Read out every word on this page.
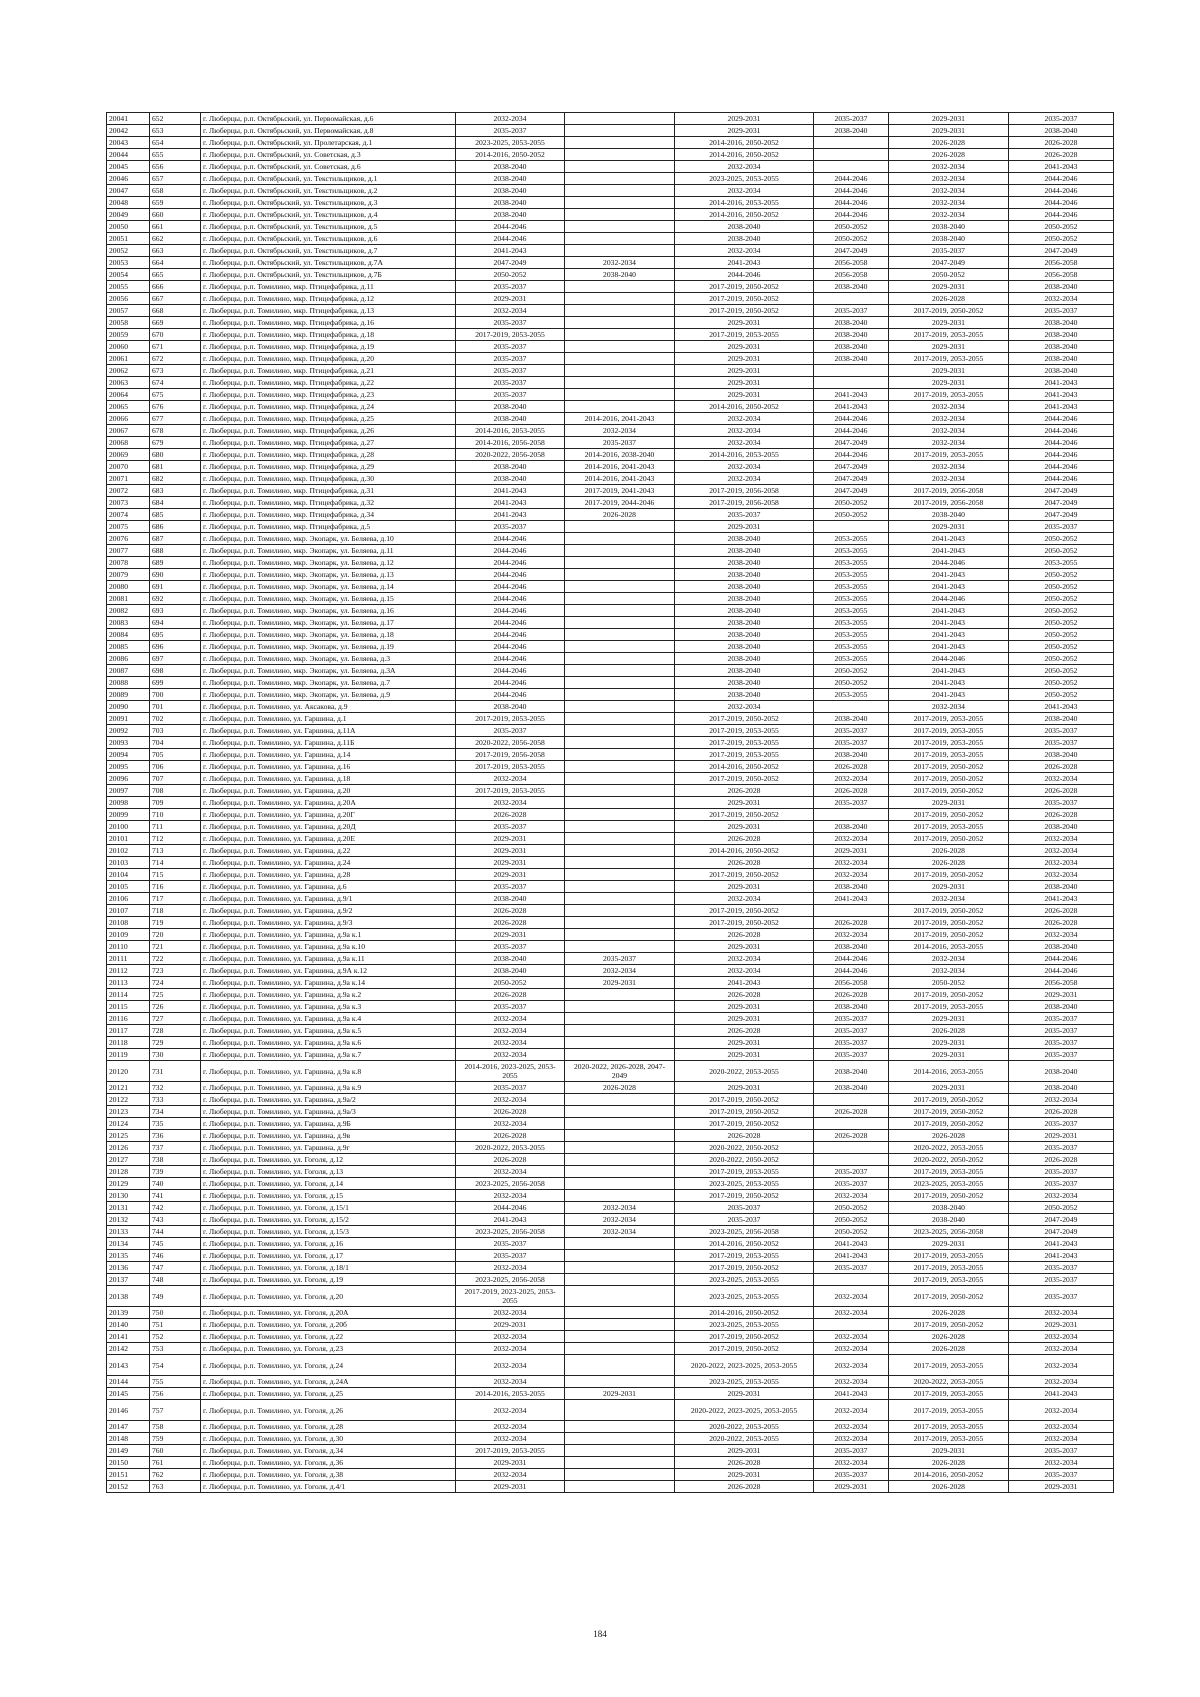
20041	652	г. Люберцы, р.п. Октябрьский, ул. Первомайская, д.6	2032-2034		2029-2031	2035-2037	2029-2031	2035-2037
20042	653	г. Люберцы, р.п. Октябрьский, ул. Первомайская, д.8	2035-2037		2029-2031	2038-2040	2029-2031	2038-2040
20043	654	г. Люберцы, р.п. Октябрьский, ул. Пролетарская, д.1	2023-2025, 2053-2055		2014-2016, 2050-2052		2026-2028	2026-2028
20044	655	г. Люберцы, р.п. Октябрьский, ул. Советская, д.3	2014-2016, 2050-2052		2014-2016, 2050-2052		2026-2028	2026-2028
20045	656	г. Люберцы, р.п. Октябрьский, ул. Советская, д.6	2038-2040		2032-2034		2032-2034	2041-2043
20046	657	г. Люберцы, р.п. Октябрьский, ул. Текстильщиков, д.1	2038-2040		2023-2025, 2053-2055	2044-2046	2032-2034	2044-2046
20047	658	г. Люберцы, р.п. Октябрьский, ул. Текстильщиков, д.2	2038-2040		2032-2034	2044-2046	2032-2034	2044-2046
20048	659	г. Люберцы, р.п. Октябрьский, ул. Текстильщиков, д.3	2038-2040		2014-2016, 2053-2055	2044-2046	2032-2034	2044-2046
20049	660	г. Люберцы, р.п. Октябрьский, ул. Текстильщиков, д.4	2038-2040		2014-2016, 2050-2052	2044-2046	2032-2034	2044-2046
20050	661	г. Люберцы, р.п. Октябрьский, ул. Текстильщиков, д.5	2044-2046		2038-2040	2050-2052	2038-2040	2050-2052
20051	662	г. Люберцы, р.п. Октябрьский, ул. Текстильщиков, д.6	2044-2046		2038-2040	2050-2052	2038-2040	2050-2052
20052	663	г. Люберцы, р.п. Октябрьский, ул. Текстильщиков, д.7	2041-2043		2032-2034	2047-2049	2035-2037	2047-2049
20053	664	г. Люберцы, р.п. Октябрьский, ул. Текстильщиков, д.7А	2047-2049	2032-2034	2041-2043	2056-2058	2047-2049	2056-2058
20054	665	г. Люберцы, р.п. Октябрьский, ул. Текстильщиков, д.7Б	2050-2052	2038-2040	2044-2046	2056-2058	2050-2052	2056-2058
20055	666	г. Люберцы, р.п. Томилино, мкр. Птицефабрика, д.11	2035-2037		2017-2019, 2050-2052	2038-2040	2029-2031	2038-2040
20056	667	г. Люберцы, р.п. Томилино, мкр. Птицефабрика, д.12	2029-2031		2017-2019, 2050-2052		2026-2028	2032-2034
20057	668	г. Люберцы, р.п. Томилино, мкр. Птицефабрика, д.13	2032-2034		2017-2019, 2050-2052	2035-2037	2017-2019, 2050-2052	2035-2037
20058	669	г. Люберцы, р.п. Томилино, мкр. Птицефабрика, д.16	2035-2037		2029-2031	2038-2040	2029-2031	2038-2040
20059	670	г. Люберцы, р.п. Томилино, мкр. Птицефабрика, д.18	2017-2019, 2053-2055		2017-2019, 2053-2055	2038-2040	2017-2019, 2053-2055	2038-2040
20060	671	г. Люберцы, р.п. Томилино, мкр. Птицефабрика, д.19	2035-2037		2029-2031	2038-2040	2029-2031	2038-2040
20061	672	г. Люберцы, р.п. Томилино, мкр. Птицефабрика, д.20	2035-2037		2029-2031	2038-2040	2017-2019, 2053-2055	2038-2040
20062	673	г. Люберцы, р.п. Томилино, мкр. Птицефабрика, д.21	2035-2037		2029-2031		2029-2031	2038-2040
20063	674	г. Люберцы, р.п. Томилино, мкр. Птицефабрика, д.22	2035-2037		2029-2031		2029-2031	2041-2043
20064	675	г. Люберцы, р.п. Томилино, мкр. Птицефабрика, д.23	2035-2037		2029-2031	2041-2043	2017-2019, 2053-2055	2041-2043
20065	676	г. Люберцы, р.п. Томилино, мкр. Птицефабрика, д.24	2038-2040		2014-2016, 2050-2052	2041-2043	2032-2034	2041-2043
20066	677	г. Люберцы, р.п. Томилино, мкр. Птицефабрика, д.25	2038-2040	2014-2016, 2041-2043	2032-2034	2044-2046	2032-2034	2044-2046
20067	678	г. Люберцы, р.п. Томилино, мкр. Птицефабрика, д.26	2014-2016, 2053-2055	2032-2034	2032-2034	2044-2046	2032-2034	2044-2046
20068	679	г. Люберцы, р.п. Томилино, мкр. Птицефабрика, д.27	2014-2016, 2056-2058	2035-2037	2032-2034	2047-2049	2032-2034	2044-2046
20069	680	г. Люберцы, р.п. Томилино, мкр. Птицефабрика, д.28	2020-2022, 2056-2058	2014-2016, 2038-2040	2014-2016, 2053-2055	2044-2046	2017-2019, 2053-2055	2044-2046
20070	681	г. Люберцы, р.п. Томилино, мкр. Птицефабрика, д.29	2038-2040	2014-2016, 2041-2043	2032-2034	2047-2049	2032-2034	2044-2046
20071	682	г. Люберцы, р.п. Томилино, мкр. Птицефабрика, д.30	2038-2040	2014-2016, 2041-2043	2032-2034	2047-2049	2032-2034	2044-2046
20072	683	г. Люберцы, р.п. Томилино, мкр. Птицефабрика, д.31	2041-2043	2017-2019, 2041-2043	2017-2019, 2056-2058	2047-2049	2017-2019, 2056-2058	2047-2049
20073	684	г. Люберцы, р.п. Томилино, мкр. Птицефабрика, д.32	2041-2043	2017-2019, 2044-2046	2017-2019, 2056-2058	2050-2052	2017-2019, 2056-2058	2047-2049
20074	685	г. Люберцы, р.п. Томилино, мкр. Птицефабрика, д.34	2041-2043	2026-2028	2035-2037	2050-2052	2038-2040	2047-2049
20075	686	г. Люберцы, р.п. Томилино, мкр. Птицефабрика, д.5	2035-2037		2029-2031		2029-2031	2035-2037
20076	687	г. Люберцы, р.п. Томилино, мкр. Экопарк, ул. Беляева, д.10	2044-2046		2038-2040	2053-2055	2041-2043	2050-2052
20077	688	г. Люберцы, р.п. Томилино, мкр. Экопарк, ул. Беляева, д.11	2044-2046		2038-2040	2053-2055	2041-2043	2050-2052
20078	689	г. Люберцы, р.п. Томилино, мкр. Экопарк, ул. Беляева, д.12	2044-2046		2038-2040	2053-2055	2044-2046	2053-2055
20079	690	г. Люберцы, р.п. Томилино, мкр. Экопарк, ул. Беляева, д.13	2044-2046		2038-2040	2053-2055	2041-2043	2050-2052
20080	691	г. Люберцы, р.п. Томилино, мкр. Экопарк, ул. Беляева, д.14	2044-2046		2038-2040	2053-2055	2041-2043	2050-2052
20081	692	г. Люберцы, р.п. Томилино, мкр. Экопарк, ул. Беляева, д.15	2044-2046		2038-2040	2053-2055	2044-2046	2050-2052
20082	693	г. Люберцы, р.п. Томилино, мкр. Экопарк, ул. Беляева, д.16	2044-2046		2038-2040	2053-2055	2041-2043	2050-2052
20083	694	г. Люберцы, р.п. Томилино, мкр. Экопарк, ул. Беляева, д.17	2044-2046		2038-2040	2053-2055	2041-2043	2050-2052
20084	695	г. Люберцы, р.п. Томилино, мкр. Экопарк, ул. Беляева, д.18	2044-2046		2038-2040	2053-2055	2041-2043	2050-2052
20085	696	г. Люберцы, р.п. Томилино, мкр. Экопарк, ул. Беляева, д.19	2044-2046		2038-2040	2053-2055	2041-2043	2050-2052
20086	697	г. Люберцы, р.п. Томилино, мкр. Экопарк, ул. Беляева, д.3	2044-2046		2038-2040	2053-2055	2044-2046	2050-2052
20087	698	г. Люберцы, р.п. Томилино, мкр. Экопарк, ул. Беляева, д.3А	2044-2046		2038-2040	2050-2052	2041-2043	2050-2052
20088	699	г. Люберцы, р.п. Томилино, мкр. Экопарк, ул. Беляева, д.7	2044-2046		2038-2040	2050-2052	2041-2043	2050-2052
20089	700	г. Люберцы, р.п. Томилино, мкр. Экопарк, ул. Беляева, д.9	2044-2046		2038-2040	2053-2055	2041-2043	2050-2052
20090	701	г. Люберцы, р.п. Томилино, ул. Аксакова, д.9	2038-2040		2032-2034		2032-2034	2041-2043
20091	702	г. Люберцы, р.п. Томилино, ул. Гаршина, д.1	2017-2019, 2053-2055		2017-2019, 2050-2052	2038-2040	2017-2019, 2053-2055	2038-2040
20092	703	г. Люберцы, р.п. Томилино, ул. Гаршина, д.11А	2035-2037		2017-2019, 2053-2055	2035-2037	2017-2019, 2053-2055	2035-2037
20093	704	г. Люберцы, р.п. Томилино, ул. Гаршина, д.11Б	2020-2022, 2056-2058		2017-2019, 2053-2055	2035-2037	2017-2019, 2053-2055	2035-2037
20094	705	г. Люберцы, р.п. Томилино, ул. Гаршина, д.14	2017-2019, 2056-2058		2017-2019, 2053-2055	2038-2040	2017-2019, 2053-2055	2038-2040
20095	706	г. Люберцы, р.п. Томилино, ул. Гаршина, д.16	2017-2019, 2053-2055		2014-2016, 2050-2052	2026-2028	2017-2019, 2050-2052	2026-2028
20096	707	г. Люберцы, р.п. Томилино, ул. Гаршина, д.18	2032-2034		2017-2019, 2050-2052	2032-2034	2017-2019, 2050-2052	2032-2034
20097	708	г. Люберцы, р.п. Томилино, ул. Гаршина, д.20	2017-2019, 2053-2055		2026-2028	2026-2028	2017-2019, 2050-2052	2026-2028
20098	709	г. Люберцы, р.п. Томилино, ул. Гаршина, д.20А	2032-2034		2029-2031	2035-2037	2029-2031	2035-2037
20099	710	г. Люберцы, р.п. Томилино, ул. Гаршина, д.20Г	2026-2028		2017-2019, 2050-2052		2017-2019, 2050-2052	2026-2028
20100	711	г. Люберцы, р.п. Томилино, ул. Гаршина, д.20Д	2035-2037		2029-2031	2038-2040	2017-2019, 2053-2055	2038-2040
20101	712	г. Люберцы, р.п. Томилино, ул. Гаршина, д.20Е	2029-2031		2026-2028	2032-2034	2017-2019, 2050-2052	2032-2034
20102	713	г. Люберцы, р.п. Томилино, ул. Гаршина, д.22	2029-2031		2014-2016, 2050-2052	2029-2031	2026-2028	2032-2034
20103	714	г. Люберцы, р.п. Томилино, ул. Гаршина, д.24	2029-2031		2026-2028	2032-2034	2026-2028	2032-2034
20104	715	г. Люберцы, р.п. Томилино, ул. Гаршина, д.28	2029-2031		2017-2019, 2050-2052	2032-2034	2017-2019, 2050-2052	2032-2034
20105	716	г. Люберцы, р.п. Томилино, ул. Гаршина, д.6	2035-2037		2029-2031	2038-2040	2029-2031	2038-2040
20106	717	г. Люберцы, р.п. Томилино, ул. Гаршина, д.9/1	2038-2040		2032-2034	2041-2043	2032-2034	2041-2043
20107	718	г. Люберцы, р.п. Томилино, ул. Гаршина, д.9/2	2026-2028		2017-2019, 2050-2052		2017-2019, 2050-2052	2026-2028
20108	719	г. Люберцы, р.п. Томилино, ул. Гаршина, д.9/3	2026-2028		2017-2019, 2050-2052	2026-2028	2017-2019, 2050-2052	2026-2028
20109	720	г. Люберцы, р.п. Томилино, ул. Гаршина, д.9а к.1	2029-2031		2026-2028	2032-2034	2017-2019, 2050-2052	2032-2034
20110	721	г. Люберцы, р.п. Томилино, ул. Гаршина, д.9а к.10	2035-2037		2029-2031	2038-2040	2014-2016, 2053-2055	2038-2040
20111	722	г. Люберцы, р.п. Томилино, ул. Гаршина, д.9а к.11	2038-2040	2035-2037	2032-2034	2044-2046	2032-2034	2044-2046
20112	723	г. Люберцы, р.п. Томилино, ул. Гаршина, д.9А к.12	2038-2040	2032-2034	2032-2034	2044-2046	2032-2034	2044-2046
20113	724	г. Люберцы, р.п. Томилино, ул. Гаршина, д.9а к.14	2050-2052	2029-2031	2041-2043	2056-2058	2050-2052	2056-2058
20114	725	г. Люберцы, р.п. Томилино, ул. Гаршина, д.9а к.2	2026-2028		2026-2028	2026-2028	2017-2019, 2050-2052	2029-2031
20115	726	г. Люберцы, р.п. Томилино, ул. Гаршина, д.9а к.3	2035-2037		2029-2031	2038-2040	2017-2019, 2053-2055	2038-2040
20116	727	г. Люберцы, р.п. Томилино, ул. Гаршина, д.9а к.4	2032-2034		2029-2031	2035-2037	2029-2031	2035-2037
20117	728	г. Люберцы, р.п. Томилино, ул. Гаршина, д.9а к.5	2032-2034		2026-2028	2035-2037	2026-2028	2035-2037
20118	729	г. Люберцы, р.п. Томилино, ул. Гаршина, д.9а к.6	2032-2034		2029-2031	2035-2037	2029-2031	2035-2037
20119	730	г. Люберцы, р.п. Томилино, ул. Гаршина, д.9а к.7	2032-2034		2029-2031	2035-2037	2029-2031	2035-2037
20120	731	г. Люберцы, р.п. Томилино, ул. Гаршина, д.9а к.8	2014-2016, 2023-2025, 2053-2055	2020-2022, 2026-2028, 2047-2049	2020-2022, 2053-2055	2038-2040	2014-2016, 2053-2055	2038-2040
20121	732	г. Люберцы, р.п. Томилино, ул. Гаршина, д.9а к.9	2035-2037	2026-2028	2029-2031	2038-2040	2029-2031	2038-2040
20122	733	г. Люберцы, р.п. Томилино, ул. Гаршина, д.9а/2	2032-2034		2017-2019, 2050-2052		2017-2019, 2050-2052	2032-2034
20123	734	г. Люберцы, р.п. Томилино, ул. Гаршина, д.9а/3	2026-2028		2017-2019, 2050-2052	2026-2028	2017-2019, 2050-2052	2026-2028
20124	735	г. Люберцы, р.п. Томилино, ул. Гаршина, д.9Б	2032-2034		2017-2019, 2050-2052		2017-2019, 2050-2052	2035-2037
20125	736	г. Люберцы, р.п. Томилино, ул. Гаршина, д.9в	2026-2028		2026-2028	2026-2028	2026-2028	2029-2031
20126	737	г. Люберцы, р.п. Томилино, ул. Гаршина, д.9г	2020-2022, 2053-2055		2020-2022, 2050-2052		2020-2022, 2053-2055	2035-2037
20127	738	г. Люберцы, р.п. Томилино, ул. Гоголя, д.12	2026-2028		2020-2022, 2050-2052		2020-2022, 2050-2052	2026-2028
20128	739	г. Люберцы, р.п. Томилино, ул. Гоголя, д.13	2032-2034		2017-2019, 2053-2055	2035-2037	2017-2019, 2053-2055	2035-2037
20129	740	г. Люберцы, р.п. Томилино, ул. Гоголя, д.14	2023-2025, 2056-2058		2023-2025, 2053-2055	2035-2037	2023-2025, 2053-2055	2035-2037
20130	741	г. Люберцы, р.п. Томилино, ул. Гоголя, д.15	2032-2034		2017-2019, 2050-2052	2032-2034	2017-2019, 2050-2052	2032-2034
20131	742	г. Люберцы, р.п. Томилино, ул. Гоголя, д.15/1	2044-2046	2032-2034	2035-2037	2050-2052	2038-2040	2050-2052
20132	743	г. Люберцы, р.п. Томилино, ул. Гоголя, д.15/2	2041-2043	2032-2034	2035-2037	2050-2052	2038-2040	2047-2049
20133	744	г. Люберцы, р.п. Томилино, ул. Гоголя, д.15/3	2023-2025, 2056-2058	2032-2034	2023-2025, 2056-2058	2050-2052	2023-2025, 2056-2058	2047-2049
20134	745	г. Люберцы, р.п. Томилино, ул. Гоголя, д.16	2035-2037		2014-2016, 2050-2052	2041-2043	2029-2031	2041-2043
20135	746	г. Люберцы, р.п. Томилино, ул. Гоголя, д.17	2035-2037		2017-2019, 2053-2055	2041-2043	2017-2019, 2053-2055	2041-2043
20136	747	г. Люберцы, р.п. Томилино, ул. Гоголя, д.18/1	2032-2034		2017-2019, 2050-2052	2035-2037	2017-2019, 2053-2055	2035-2037
20137	748	г. Люберцы, р.п. Томилино, ул. Гоголя, д.19	2023-2025, 2056-2058		2023-2025, 2053-2055		2017-2019, 2053-2055	2035-2037
20138	749	г. Люберцы, р.п. Томилино, ул. Гоголя, д.20	2017-2019, 2023-2025, 2053-2055		2023-2025, 2053-2055	2032-2034	2017-2019, 2050-2052	2035-2037
20139	750	г. Люберцы, р.п. Томилино, ул. Гоголя, д.20А	2032-2034		2014-2016, 2050-2052	2032-2034	2026-2028	2032-2034
20140	751	г. Люберцы, р.п. Томилино, ул. Гоголя, д.20б	2029-2031		2023-2025, 2053-2055		2017-2019, 2050-2052	2029-2031
20141	752	г. Люберцы, р.п. Томилино, ул. Гоголя, д.22	2032-2034		2017-2019, 2050-2052	2032-2034	2026-2028	2032-2034
20142	753	г. Люберцы, р.п. Томилино, ул. Гоголя, д.23	2032-2034		2017-2019, 2050-2052	2032-2034	2026-2028	2032-2034
20143	754	г. Люберцы, р.п. Томилино, ул. Гоголя, д.24	2032-2034		2020-2022, 2023-2025, 2053-2055	2032-2034	2017-2019, 2053-2055	2032-2034
20144	755	г. Люберцы, р.п. Томилино, ул. Гоголя, д.24А	2032-2034		2023-2025, 2053-2055	2032-2034	2020-2022, 2053-2055	2032-2034
20145	756	г. Люберцы, р.п. Томилино, ул. Гоголя, д.25	2014-2016, 2053-2055	2029-2031	2029-2031	2041-2043	2017-2019, 2053-2055	2041-2043
20146	757	г. Люберцы, р.п. Томилино, ул. Гоголя, д.26	2032-2034		2020-2022, 2023-2025, 2053-2055	2032-2034	2017-2019, 2053-2055	2032-2034
20147	758	г. Люберцы, р.п. Томилино, ул. Гоголя, д.28	2032-2034		2020-2022, 2053-2055	2032-2034	2017-2019, 2053-2055	2032-2034
20148	759	г. Люберцы, р.п. Томилино, ул. Гоголя, д.30	2032-2034		2020-2022, 2053-2055	2032-2034	2017-2019, 2053-2055	2032-2034
20149	760	г. Люберцы, р.п. Томилино, ул. Гоголя, д.34	2017-2019, 2053-2055		2029-2031	2035-2037	2029-2031	2035-2037
20150	761	г. Люберцы, р.п. Томилино, ул. Гоголя, д.36	2029-2031		2026-2028	2032-2034	2026-2028	2032-2034
20151	762	г. Люберцы, р.п. Томилино, ул. Гоголя, д.38	2032-2034		2029-2031	2035-2037	2014-2016, 2050-2052	2035-2037
20152	763	г. Люберцы, р.п. Томилино, ул. Гоголя, д.4/1	2029-2031		2026-2028	2029-2031	2026-2028	2029-2031
184
